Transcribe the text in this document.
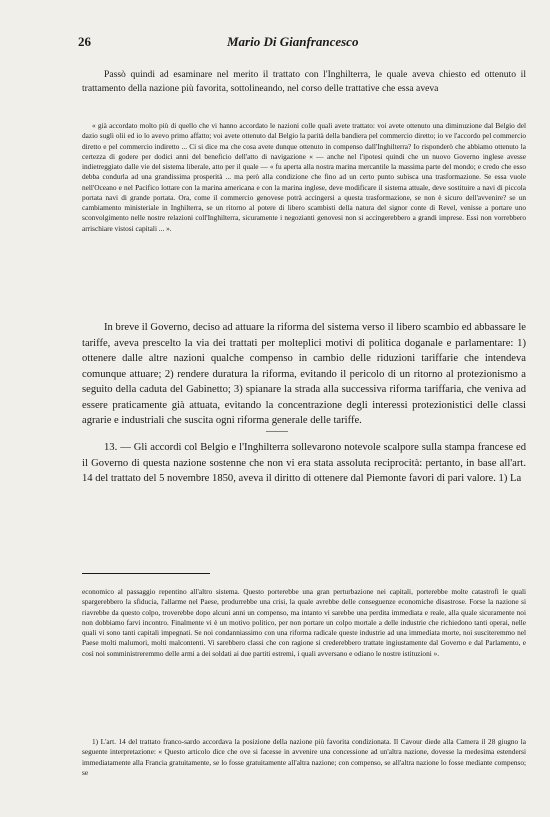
26	Mario Di Gianfrancesco

Passò quindi ad esaminare nel merito il trattato con l'Inghilterra, le quale aveva chiesto ed ottenuto il trattamento della nazione più favorita, sottolineando, nel corso delle trattative che essa aveva

« già accordato molto più di quello che vi hanno accordato le nazioni colle quali avete trattato: voi avete ottenuto una diminuzione dal Belgio del dazio sugli olii ed io lo avevo primo affatto; voi avete ottenuto dal Belgio la parità della bandiera pel commercio diretto; io ve l'accordo pel commercio diretto e pel commercio indiretto ... Ci si dice ma che cosa avete dunque ottenuto in compenso dall'Inghilterra? Io risponderò che abbiamo ottenuto la certezza di godere per dodici anni del beneficio dell'atto di navigazione « — anche nel l'ipotesi quindi che un nuovo Governo inglese avesse indietreggiato dalle vie del sistema liberale, atto per il quale — « fu aperta alla nostra marina mercantile la massima parte del mondo; e credo che esso debba condurla ad una grandissima prosperità ... ma però alla condizione che fino ad un certo punto subisca una trasformazione. Se essa vuole nell'Oceano e nel Pacifico lottare con la marina americana e con la marina inglese, deve modificare il sistema attuale, deve sostituire a navi di piccola portata navi di grande portata. Ora, come il commercio genovese potrà accingersi a questa trasformazione, se non è sicuro dell'avvenire? se un cambiamento ministeriale in Inghilterra, se un ritorno al potere di libero scambisti della natura del signor conte di Revel, venisse a portare uno sconvolgimento nelle nostre relazioni coll'Inghilterra, sicuramente i negozianti genovesi non si accingerebbero a grandi imprese. Essi non vorrebbero arrischiare vistosi capitali ... ».

In breve il Governo, deciso ad attuare la riforma del sistema verso il libero scambio ed abbassare le tariffe, aveva prescelto la via dei trattati per molteplici motivi di politica doganale e parlamentare: 1) ottenere dalle altre nazioni qualche compenso in cambio delle riduzioni tariffarie che intendeva comunque attuare; 2) rendere duratura la riforma, evitando il pericolo di un ritorno al protezionismo a seguito della caduta del Gabinetto; 3) spianare la strada alla successiva riforma tariffaria, che veniva ad essere praticamente già attuata, evitando la concentrazione degli interessi protezionistici delle classi agrarie e industriali che suscita ogni riforma generale delle tariffe.

——

13. — Gli accordi col Belgio e l'Inghilterra sollevarono notevole scalpore sulla stampa francese ed il Governo di questa nazione sostenne che non vi era stata assoluta reciprocità: pertanto, in base all'art. 14 del trattato del 5 novembre 1850, aveva il diritto di ottenere dal Piemonte favori di pari valore. 1) La

economico al passaggio repentino all'altro sistema. Questo porterebbe una gran perturbazione nei capitali, porterebbe molte catastrofi le quali spargerebbero la sfiducia, l'allarme nel Paese, produrrebbe una crisi, la quale avrebbe delle conseguenze economiche disastrose. Forse la nazione si riavrebbe da questo colpo, troverebbe dopo alcuni anni un compenso, ma intanto vi sarebbe una perdita immediata e reale, alla quale sicuramente noi non dobbiamo farvi incontro. Finalmente vi è un motivo politico, per non portare un colpo mortale a delle industrie che richiedono tanti operai, nelle quali vi sono tanti capitali impegnati. Se noi condanniassimo con una riforma radicale queste industrie ad una immediata morte, noi susciteremmo nel Paese molti malumori, molti malcontenti. Vi sarebbero classi che con ragione si crederebbero trattate ingiustamente dal Governo e dal Parlamento, e così noi somministreremmo delle armi a dei soldati ai due partiti estremi, i quali avversano e odiano le nostre istituzioni ».

1) L'art. 14 del trattato franco-sardo accordava la posizione della nazione più favorita condizionata. Il Cavour diede alla Camera il 28 giugno la seguente interpretazione: « Questo articolo dice che ove si facesse in avvenire una concessione ad un'altra nazione, dovesse la medesima estendersi immediatamente alla Francia gratuitamente, se lo fosse gratuitamente all'altra nazione; con compenso, se all'altra nazione lo fosse mediante compenso; se
